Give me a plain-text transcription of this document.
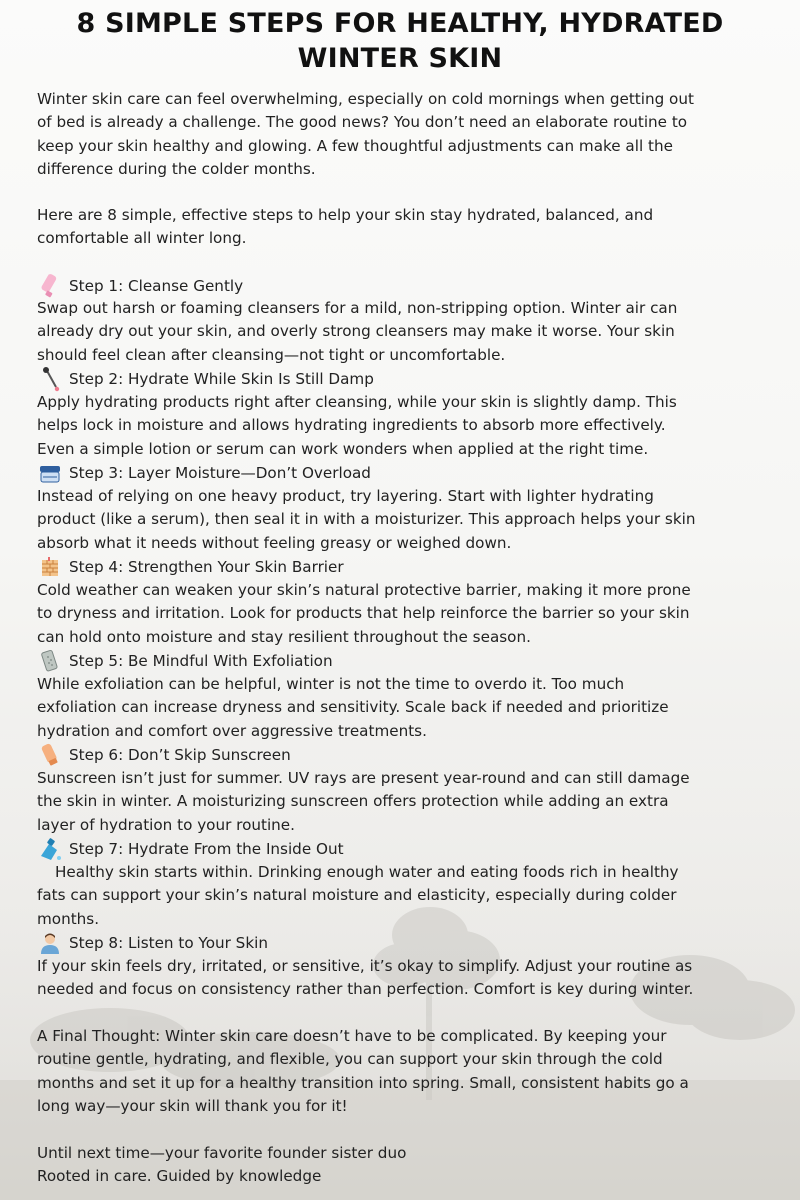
8 SIMPLE STEPS FOR HEALTHY, HYDRATED
WINTER SKIN

Winter skin care can feel overwhelming, especially on cold mornings when getting out
of bed is already a challenge. The good news? You don’t need an elaborate routine to
keep your skin healthy and glowing. A few thoughtful adjustments can make all the
difference during the colder months.

Here are 8 simple, effective steps to help your skin stay hydrated, balanced, and
comfortable all winter long.

Step 1: Cleanse Gently

Swap out harsh or foaming cleansers for a mild, non-stripping option. Winter air can
already dry out your skin, and overly strong cleansers may make it worse. Your skin
should feel clean after cleansing—not tight or uncomfortable.

Step 2: Hydrate While Skin Is Still Damp

Apply hydrating products right after cleansing, while your skin is slightly damp. This
helps lock in moisture and allows hydrating ingredients to absorb more effectively.
Even a simple lotion or serum can work wonders when applied at the right time.

Step 3: Layer Moisture—Don’t Overload

Instead of relying on one heavy product, try layering. Start with lighter hydrating
product (like a serum), then seal it in with a moisturizer. This approach helps your skin
absorb what it needs without feeling greasy or weighed down.

Step 4: Strengthen Your Skin Barrier

Cold weather can weaken your skin’s natural protective barrier, making it more prone
to dryness and irritation. Look for products that help reinforce the barrier so your skin
can hold onto moisture and stay resilient throughout the season.

Step 5: Be Mindful With Exfoliation

While exfoliation can be helpful, winter is not the time to overdo it. Too much
exfoliation can increase dryness and sensitivity. Scale back if needed and prioritize
hydration and comfort over aggressive treatments.

Step 6: Don’t Skip Sunscreen

Sunscreen isn’t just for summer. UV rays are present year-round and can still damage
the skin in winter. A moisturizing sunscreen offers protection while adding an extra
layer of hydration to your routine.

Step 7: Hydrate From the Inside Out

Healthy skin starts within. Drinking enough water and eating foods rich in healthy
fats can support your skin’s natural moisture and elasticity, especially during colder
months.

Step 8: Listen to Your Skin

If your skin feels dry, irritated, or sensitive, it’s okay to simplify. Adjust your routine as
needed and focus on consistency rather than perfection. Comfort is key during winter.

A Final Thought: Winter skin care doesn’t have to be complicated. By keeping your
routine gentle, hydrating, and flexible, you can support your skin through the cold
months and set it up for a healthy transition into spring. Small, consistent habits go a
long way—your skin will thank you for it!

Until next time—your favorite founder sister duo
Rooted in care. Guided by knowledge
